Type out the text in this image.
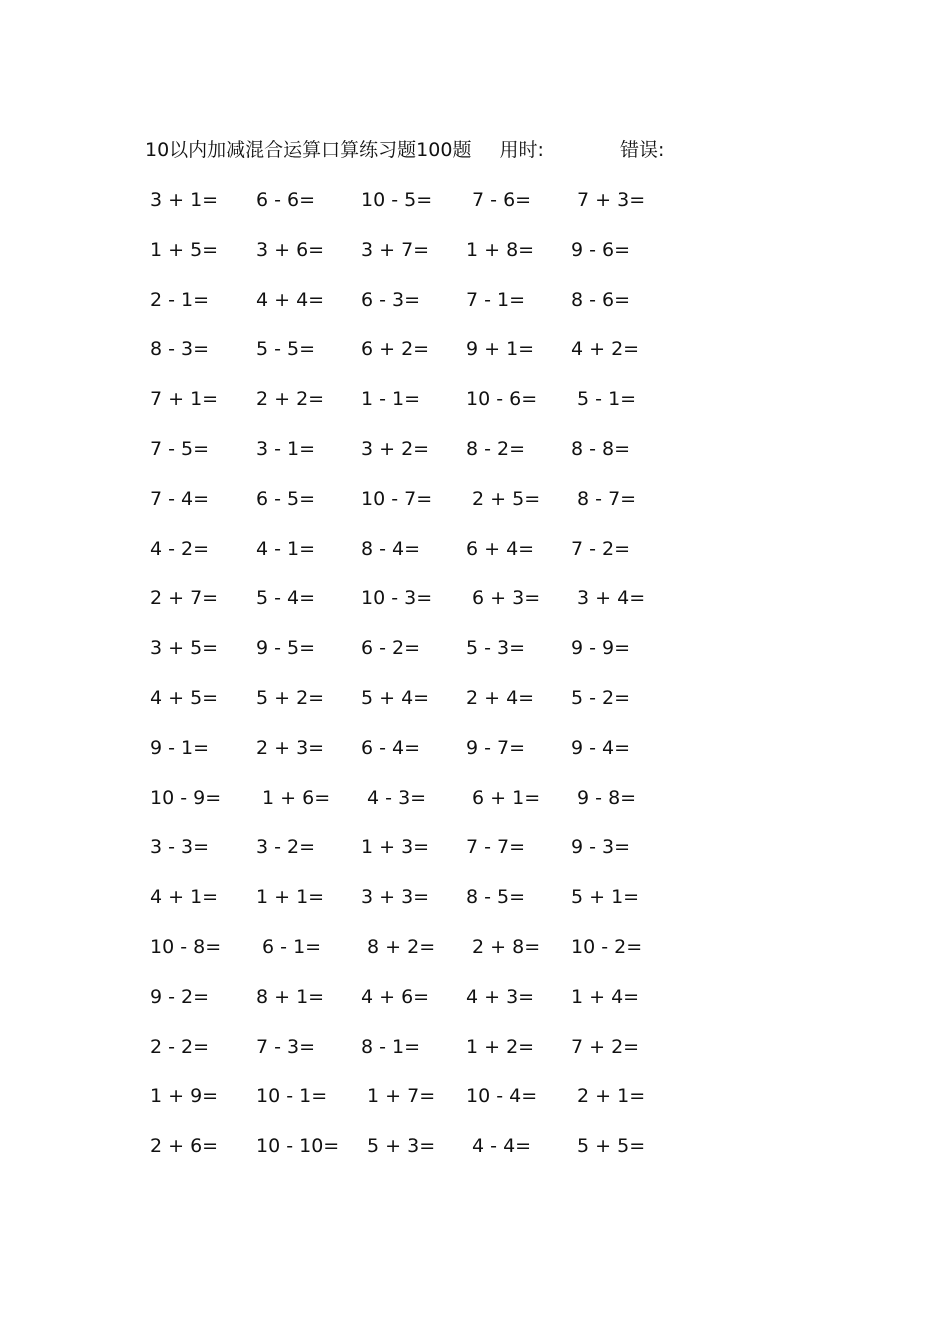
10以内加减混合运算口算练习题100题 用时:	错误:
3 + 1= 6 - 6= 10 - 5= 7 - 6= 7 + 3=
1 + 5= 3 + 6= 3 + 7= 1 + 8= 9 - 6=
2 - 1= 4 + 4= 6 - 3= 7 - 1= 8 - 6=
8 - 3= 5 - 5= 6 + 2= 9 + 1= 4 + 2=
7 + 1= 2 + 2= 1 - 1= 10 - 6= 5 - 1=
7 - 5= 3 - 1= 3 + 2= 8 - 2= 8 - 8=
7 - 4= 6 - 5= 10 - 7= 2 + 5= 8 - 7=
4 - 2= 4 - 1= 8 - 4= 6 + 4= 7 - 2=
2 + 7= 5 - 4= 10 - 3= 6 + 3= 3 + 4=
3 + 5= 9 - 5= 6 - 2= 5 - 3= 9 - 9=
4 + 5= 5 + 2= 5 + 4= 2 + 4= 5 - 2=
9 - 1= 2 + 3= 6 - 4= 9 - 7= 9 - 4=
10 - 9= 1 + 6= 4 - 3= 6 + 1= 9 - 8=
3 - 3= 3 - 2= 1 + 3= 7 - 7= 9 - 3=
4 + 1= 1 + 1= 3 + 3= 8 - 5= 5 + 1=
10 - 8= 6 - 1= 8 + 2= 2 + 8= 10 - 2=
9 - 2= 8 + 1= 4 + 6= 4 + 3= 1 + 4=
2 - 2= 7 - 3= 8 - 1= 1 + 2= 7 + 2=
1 + 9= 10 - 1= 1 + 7= 10 - 4= 2 + 1=
2 + 6= 10 - 10= 5 + 3= 4 - 4= 5 + 5=
